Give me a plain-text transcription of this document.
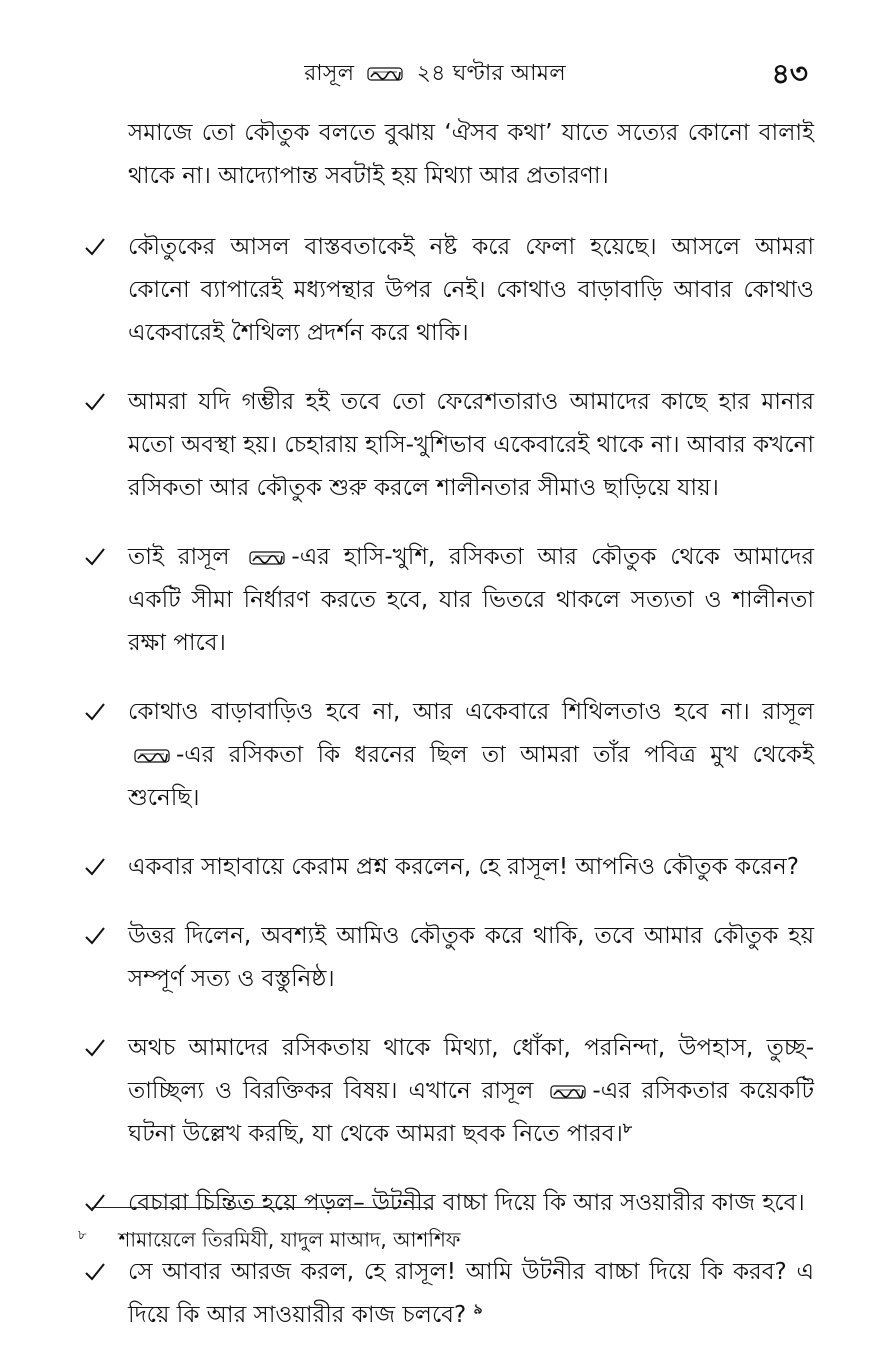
রাসূল	২৪ ঘণ্টার আমল	৪৩

সমাজে তো কৌতুক বলতে বুঝায় ‘ঐসব কথা’ যাতে সত্যের কোনো বালাই থাকে না। আদ্যোপান্ত সবটাই হয় মিথ্যা আর প্রতারণা।

কৌতুকের আসল বাস্তবতাকেই নষ্ট করে ফেলা হয়েছে। আসলে আমরা কোনো ব্যাপারেই মধ্যপন্থার উপর নেই। কোথাও বাড়াবাড়ি আবার কোথাও একেবারেই শৈথিল্য প্রদর্শন করে থাকি।
আমরা যদি গম্ভীর হই তবে তো ফেরেশতারাও আমাদের কাছে হার মানার মতো অবস্থা হয়। চেহারায় হাসি-খুশিভাব একেবারেই থাকে না। আবার কখনো রসিকতা আর কৌতুক শুরু করলে শালীনতার সীমাও ছাড়িয়ে যায়।
তাই রাসূল -এর হাসি-খুশি, রসিকতা আর কৌতুক থেকে আমাদের একটি সীমা নির্ধারণ করতে হবে, যার ভিতরে থাকলে সত্যতা ও শালীনতা রক্ষা পাবে।
কোথাও বাড়াবাড়িও হবে না, আর একেবারে শিথিলতাও হবে না। রাসূল -এর রসিকতা কি ধরনের ছিল তা আমরা তাঁর পবিত্র মুখ থেকেই শুনেছি।
একবার সাহাবায়ে কেরাম প্রশ্ন করলেন, হে রাসূল! আপনিও কৌতুক করেন?
উত্তর দিলেন, অবশ্যই আমিও কৌতুক করে থাকি, তবে আমার কৌতুক হয় সম্পূর্ণ সত্য ও বস্তুনিষ্ঠ।
অথচ আমাদের রসিকতায় থাকে মিথ্যা, ধোঁকা, পরনিন্দা, উপহাস, তুচ্ছ-তাচ্ছিল্য ও বিরক্তিকর বিষয়। এখানে রাসূল -এর রসিকতার কয়েকটি ঘটনা উল্লেখ করছি, যা থেকে আমরা ছবক নিতে পারব।$^৮$
বেচারা চিন্তিত হয়ে পড়ল– উটনীর বাচ্চা দিয়ে কি আর সওয়ারীর কাজ হবে।
সে আবার আরজ করল, হে রাসূল! আমি উটনীর বাচ্চা দিয়ে কি করব? এ দিয়ে কি আর সাওয়ারীর কাজ চলবে? $^৯$
$^৮$ শামায়েলে তিরমিযী, যাদুল মাআদ, আশশিফ
